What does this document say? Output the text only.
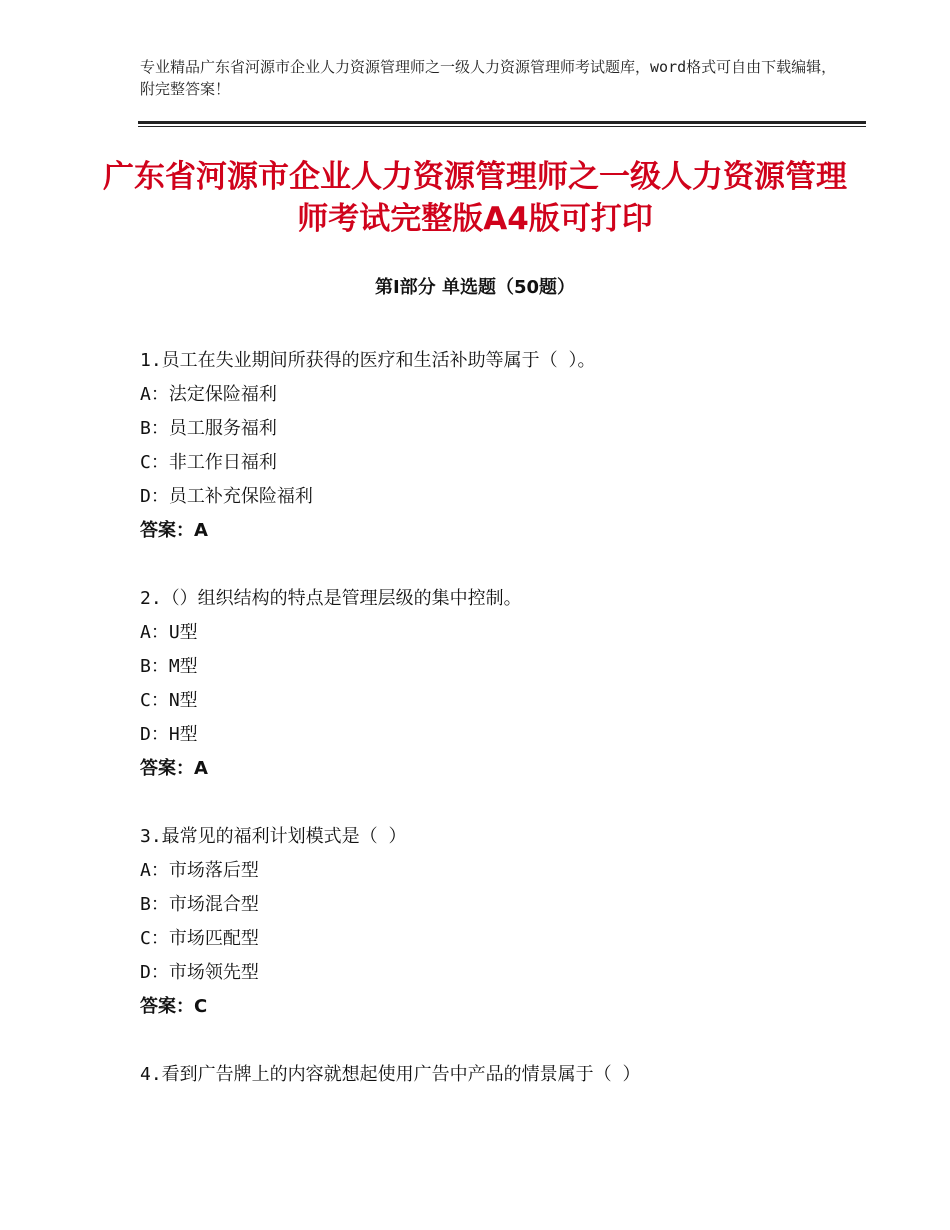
专业精品广东省河源市企业人力资源管理师之一级人力资源管理师考试题库，word格式可自由下载编辑，附完整答案！
广东省河源市企业人力资源管理师之一级人力资源管理师考试完整版A4版可打印
第Ⅰ部分 单选题（50题）
1.员工在失业期间所获得的医疗和生活补助等属于（ ）。
A：法定保险福利
B：员工服务福利
C：非工作日福利
D：员工补充保险福利
答案：A
2.（）组织结构的特点是管理层级的集中控制。
A：U型
B：M型
C：N型
D：H型
答案：A
3.最常见的福利计划模式是（ ）
A：市场落后型
B：市场混合型
C：市场匹配型
D：市场领先型
答案：C
4.看到广告牌上的内容就想起使用广告中产品的情景属于（ ）
